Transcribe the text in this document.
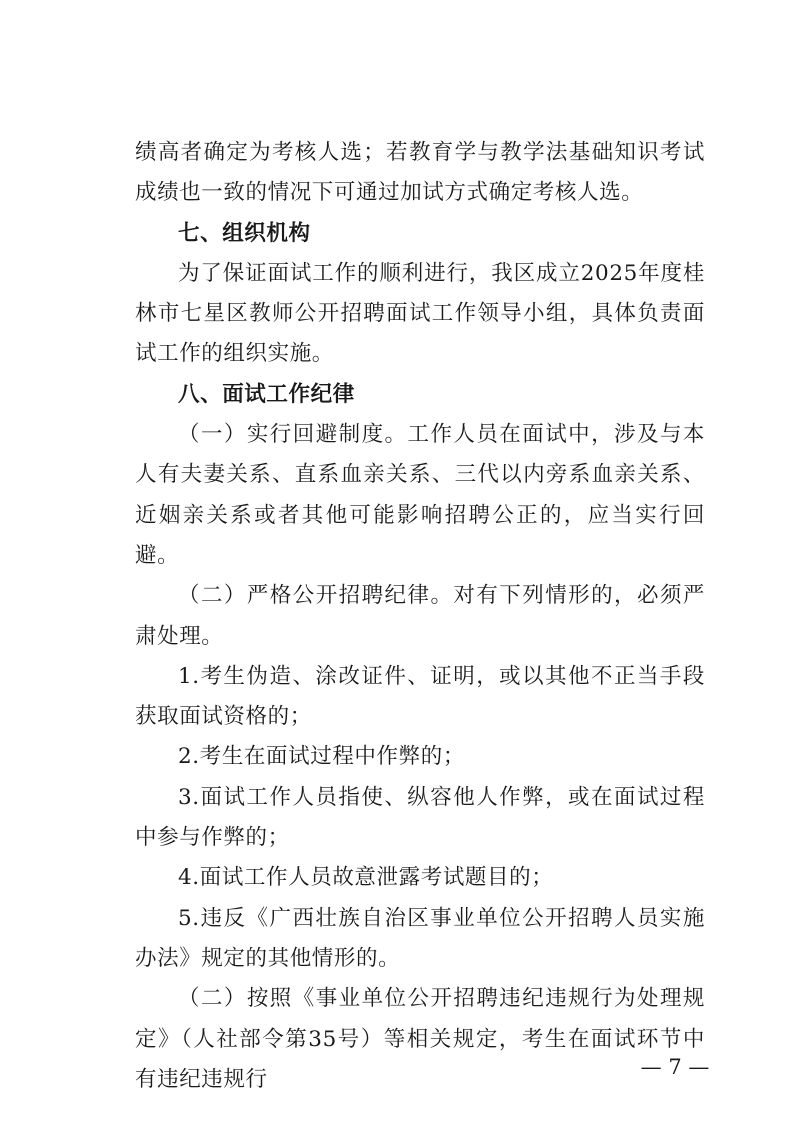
绩高者确定为考核人选；若教育学与教学法基础知识考试成绩也一致的情况下可通过加试方式确定考核人选。

七、组织机构

为了保证面试工作的顺利进行，我区成立2025年度桂林市七星区教师公开招聘面试工作领导小组，具体负责面试工作的组织实施。

八、面试工作纪律

（一）实行回避制度。工作人员在面试中，涉及与本人有夫妻关系、直系血亲关系、三代以内旁系血亲关系、近姻亲关系或者其他可能影响招聘公正的，应当实行回避。

（二）严格公开招聘纪律。对有下列情形的，必须严肃处理。

1.考生伪造、涂改证件、证明，或以其他不正当手段获取面试资格的；

2.考生在面试过程中作弊的；

3.面试工作人员指使、纵容他人作弊，或在面试过程中参与作弊的；

4.面试工作人员故意泄露考试题目的；

5.违反《广西壮族自治区事业单位公开招聘人员实施办法》规定的其他情形的。

（二）按照《事业单位公开招聘违纪违规行为处理规定》（人社部令第35号）等相关规定，考生在面试环节中有违纪违规行	— 7 —
